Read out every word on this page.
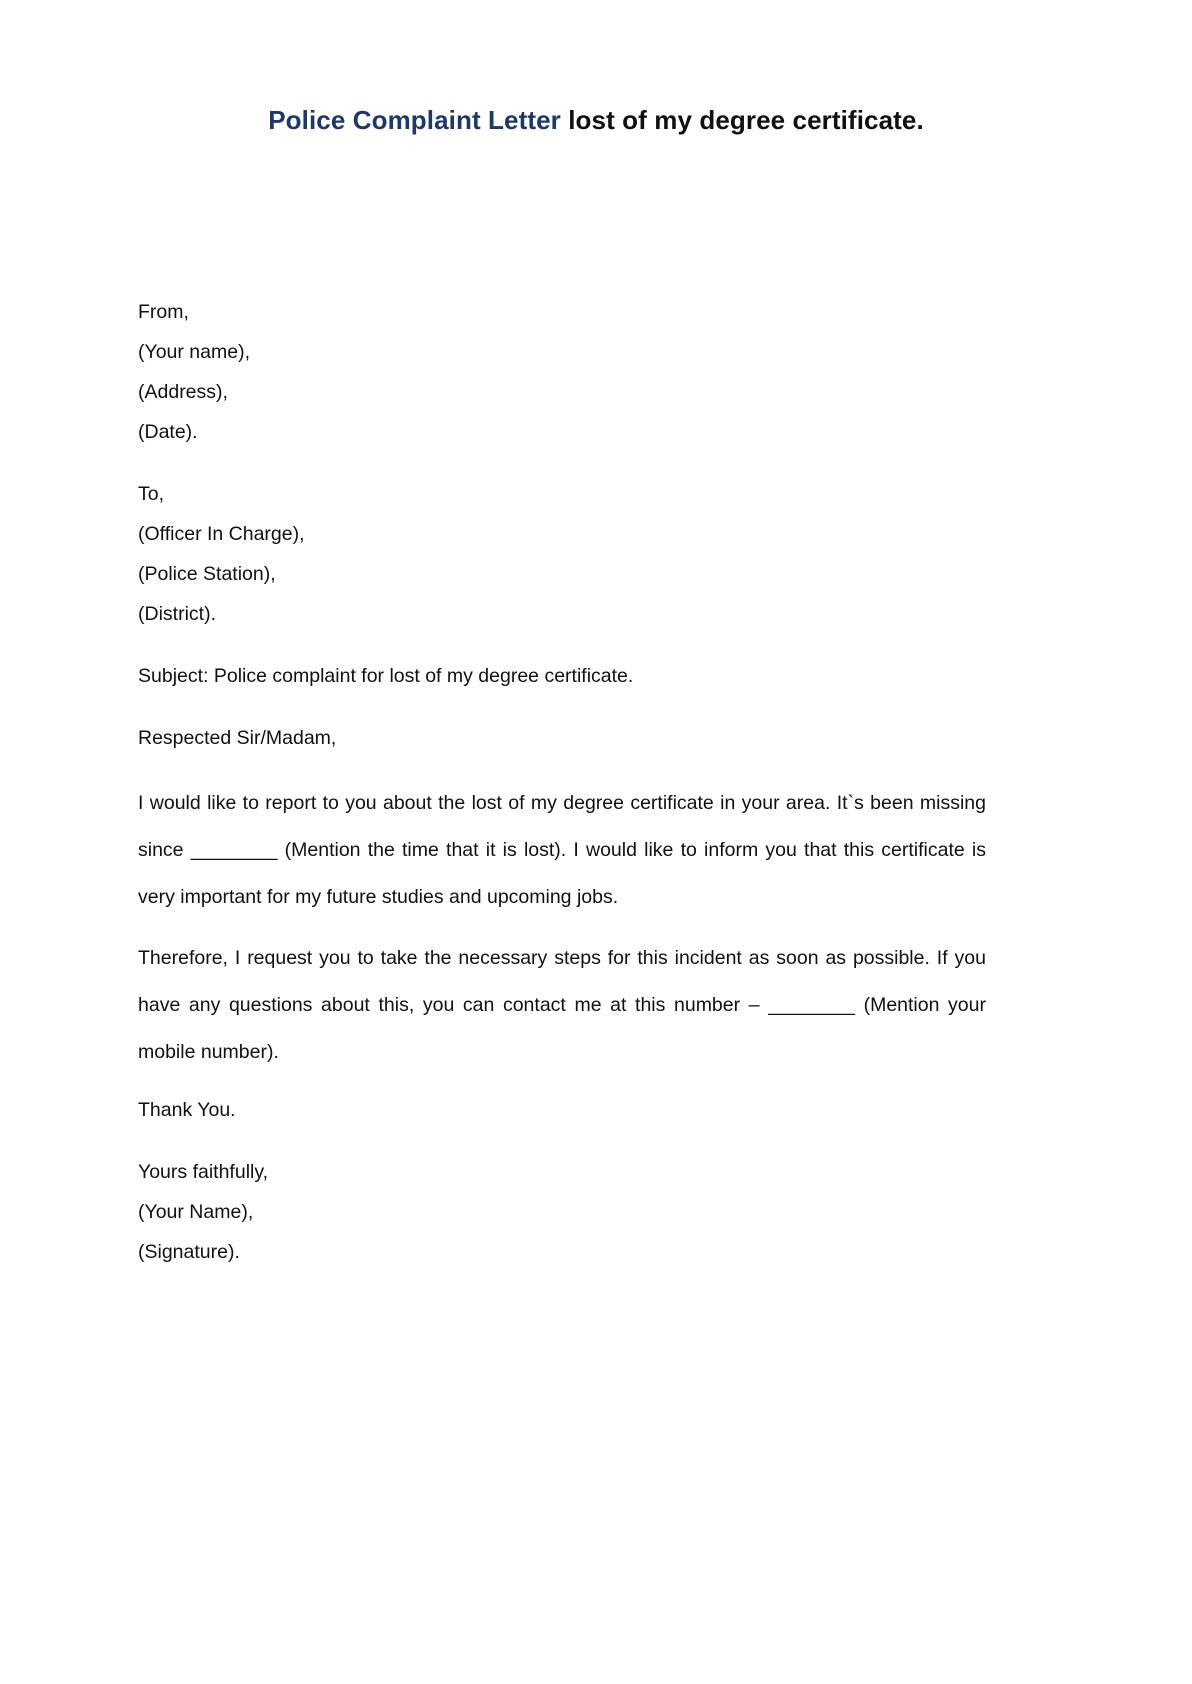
Police Complaint Letter lost of my degree certificate.
From,
(Your name),
(Address),
(Date).
To,
(Officer In Charge),
(Police Station),
(District).
Subject: Police complaint for lost of my degree certificate.
Respected Sir/Madam,
I would like to report to you about the lost of my degree certificate in your area. It`s been missing since ________ (Mention the time that it is lost). I would like to inform you that this certificate is very important for my future studies and upcoming jobs.
Therefore, I request you to take the necessary steps for this incident as soon as possible. If you have any questions about this, you can contact me at this number – ________ (Mention your mobile number).
Thank You.
Yours faithfully,
(Your Name),
(Signature).
